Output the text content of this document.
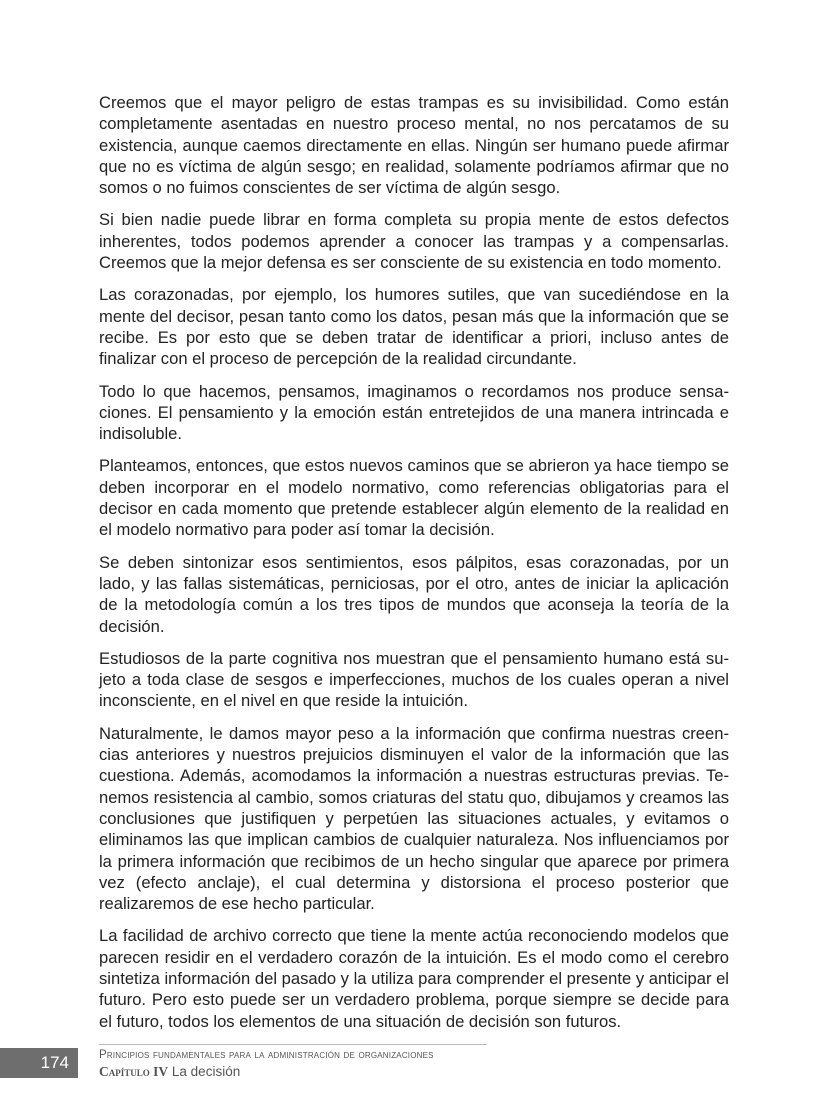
Creemos que el mayor peligro de estas trampas es su invisibilidad. Como están completamente asentadas en nuestro proceso mental, no nos percatamos de su existencia, aunque caemos directamente en ellas. Ningún ser humano puede afirmar que no es víctima de algún sesgo; en realidad, solamente podríamos afirmar que no somos o no fuimos conscientes de ser víctima de algún sesgo.

Si bien nadie puede librar en forma completa su propia mente de estos defectos inherentes, todos podemos aprender a conocer las trampas y a compensarlas. Creemos que la mejor defensa es ser consciente de su existencia en todo momento.

Las corazonadas, por ejemplo, los humores sutiles, que van sucediéndose en la mente del decisor, pesan tanto como los datos, pesan más que la información que se recibe. Es por esto que se deben tratar de identificar a priori, incluso antes de finalizar con el proceso de percepción de la realidad circundante.

Todo lo que hacemos, pensamos, imaginamos o recordamos nos produce sensaciones. El pensamiento y la emoción están entretejidos de una manera intrincada e indisoluble.

Planteamos, entonces, que estos nuevos caminos que se abrieron ya hace tiempo se deben incorporar en el modelo normativo, como referencias obligatorias para el decisor en cada momento que pretende establecer algún elemento de la realidad en el modelo normativo para poder así tomar la decisión.

Se deben sintonizar esos sentimientos, esos pálpitos, esas corazonadas, por un lado, y las fallas sistemáticas, perniciosas, por el otro, antes de iniciar la aplicación de la metodología común a los tres tipos de mundos que aconseja la teoría de la decisión.

Estudiosos de la parte cognitiva nos muestran que el pensamiento humano está sujeto a toda clase de sesgos e imperfecciones, muchos de los cuales operan a nivel inconsciente, en el nivel en que reside la intuición.

Naturalmente, le damos mayor peso a la información que confirma nuestras creencias anteriores y nuestros prejuicios disminuyen el valor de la información que las cuestiona. Además, acomodamos la información a nuestras estructuras previas. Tenemos resistencia al cambio, somos criaturas del statu quo, dibujamos y creamos las conclusiones que justifiquen y perpetúen las situaciones actuales, y evitamos o eliminamos las que implican cambios de cualquier naturaleza. Nos influenciamos por la primera información que recibimos de un hecho singular que aparece por primera vez (efecto anclaje), el cual determina y distorsiona el proceso posterior que realizaremos de ese hecho particular.

La facilidad de archivo correcto que tiene la mente actúa reconociendo modelos que parecen residir en el verdadero corazón de la intuición. Es el modo como el cerebro sintetiza información del pasado y la utiliza para comprender el presente y anticipar el futuro. Pero esto puede ser un verdadero problema, porque siempre se decide para el futuro, todos los elementos de una situación de decisión son futuros.

174	Principios fundamentales para la administración de organizaciones
Capítulo IV La decisión
